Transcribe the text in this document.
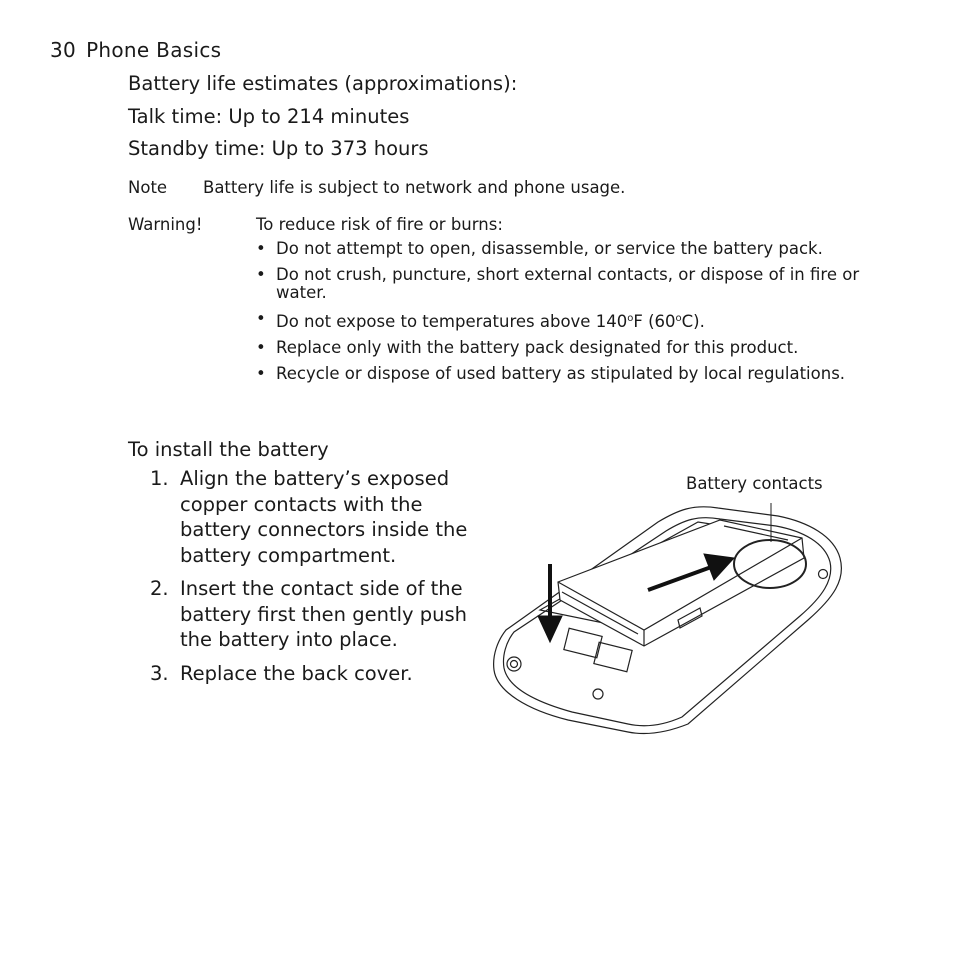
30 Phone Basics
Battery life estimates (approximations):
Talk time: Up to 214 minutes
Standby time: Up to 373 hours
Note Battery life is subject to network and phone usage.
Warning!	To reduce risk of fire or burns:
• Do not attempt to open, disassemble, or service the battery pack.
• Do not crush, puncture, short external contacts, or dispose of in fire or water.
• Do not expose to temperatures above 140$^o$F (60$^o$C).
• Replace only with the battery pack designated for this product.
• Recycle or dispose of used battery as stipulated by local regulations.
To install the battery
1. Align the battery’s exposed copper contacts with the battery connectors inside the battery compartment.
2. Insert the contact side of the battery first then gently push the battery into place.
3. Replace the back cover.
Battery contacts
